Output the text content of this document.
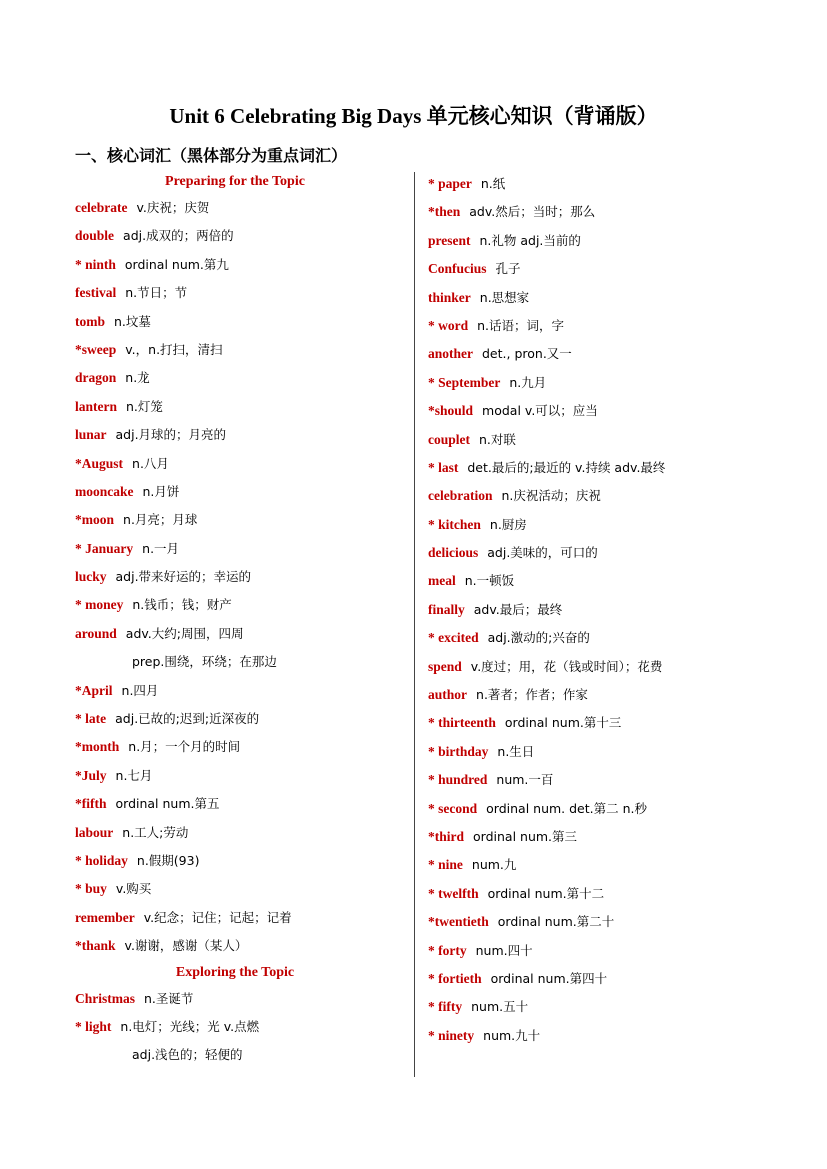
Unit 6 Celebrating Big Days 单元核心知识（背诵版）
一、核心词汇（黑体部分为重点词汇）
Preparing for the Topic
celebrate v.庆祝；庆贺
double adj.成双的；两倍的
* ninth ordinal num.第九
festival n.节日；节
tomb n.坟墓
*sweep v.，n.打扫，清扫
dragon n.龙
lantern n.灯笼
lunar adj.月球的；月亮的
*August n.八月
mooncake n.月饼
*moon n.月亮；月球
* January n.一月
lucky adj.带来好运的；幸运的
* money n.钱币；钱；财产
around adv.大约;周围，四周
prep.围绕，环绕；在那边
*April n.四月
* late adj.已故的;迟到;近深夜的
*month n.月；一个月的时间
*July n.七月
*fifth ordinal num.第五
labour n.工人;劳动
* holiday n.假期(93)
* buy v.购买
remember v.纪念；记住；记起；记着
*thank v.谢谢，感谢（某人）
Exploring the Topic
Christmas n.圣诞节
* light n.电灯；光线；光 v.点燃
adj.浅色的；轻便的
* paper n.纸
*then adv.然后；当时；那么
present n.礼物 adj.当前的
Confucius 孔子
thinker n.思想家
* word n.话语；词，字
another det., pron.又一
* September n.九月
*should modal v.可以；应当
couplet n.对联
* last det.最后的;最近的 v.持续 adv.最终
celebration n.庆祝活动；庆祝
* kitchen n.厨房
delicious adj.美味的，可口的
meal n.一顿饭
finally adv.最后；最终
* excited adj.激动的;兴奋的
spend v.度过；用，花（钱或时间）；花费
author n.著者；作者；作家
* thirteenth ordinal num.第十三
* birthday n.生日
* hundred num.一百
* second ordinal num. det.第二 n.秒
*third ordinal num.第三
* nine num.九
* twelfth ordinal num.第十二
*twentieth ordinal num.第二十
* forty num.四十
* fortieth ordinal num.第四十
* fifty num.五十
* ninety num.九十
